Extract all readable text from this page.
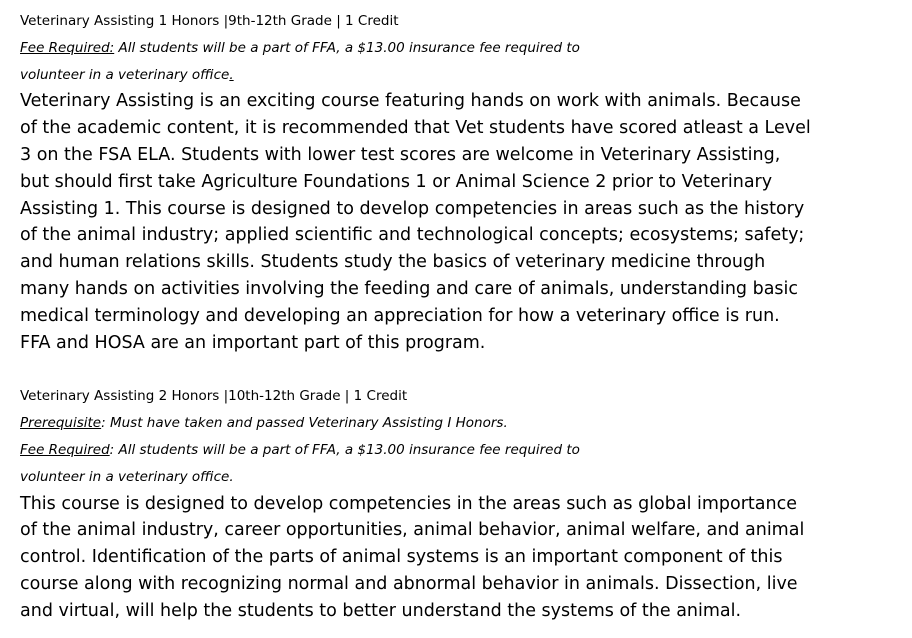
Veterinary Assisting 1 Honors |9th-12th Grade | 1 Credit

Fee Required: All students will be a part of FFA, a $13.00 insurance fee required to

volunteer in a veterinary office.

Veterinary Assisting is an exciting course featuring hands on work with animals. Because

of the academic content, it is recommended that Vet students have scored atleast a Level

3 on the FSA ELA. Students with lower test scores are welcome in Veterinary Assisting,

but should first take Agriculture Foundations 1 or Animal Science 2 prior to Veterinary

Assisting 1. This course is designed to develop competencies in areas such as the history

of the animal industry; applied scientific and technological concepts; ecosystems; safety;

and human relations skills. Students study the basics of veterinary medicine through

many hands on activities involving the feeding and care of animals, understanding basic

medical terminology and developing an appreciation for how a veterinary office is run.

FFA and HOSA are an important part of this program.

Veterinary Assisting 2 Honors |10th-12th Grade | 1 Credit

Prerequisite: Must have taken and passed Veterinary Assisting I Honors.

Fee Required: All students will be a part of FFA, a $13.00 insurance fee required to

volunteer in a veterinary office.

This course is designed to develop competencies in the areas such as global importance

of the animal industry, career opportunities, animal behavior, animal welfare, and animal

control. Identification of the parts of animal systems is an important component of this

course along with recognizing normal and abnormal behavior in animals. Dissection, live

and virtual, will help the students to better understand the systems of the animal.
